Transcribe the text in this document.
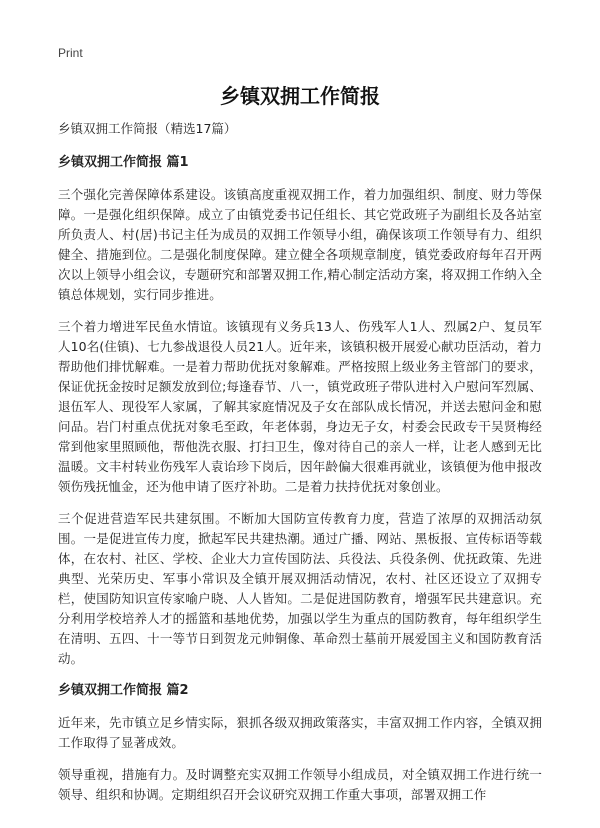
Print
乡镇双拥工作简报

乡镇双拥工作简报（精选17篇）

乡镇双拥工作简报 篇1

三个强化完善保障体系建设。该镇高度重视双拥工作，着力加强组织、制度、财力等保障。一是强化组织保障。成立了由镇党委书记任组长、其它党政班子为副组长及各站室所负责人、村(居)书记主任为成员的双拥工作领导小组，确保该项工作领导有力、组织健全、措施到位。二是强化制度保障。建立健全各项规章制度，镇党委政府每年召开两次以上领导小组会议，专题研究和部署双拥工作,精心制定活动方案，将双拥工作纳入全镇总体规划，实行同步推进。

三个着力增进军民鱼水情谊。该镇现有义务兵13人、伤残军人1人、烈属2户、复员军人10名(住镇)、七九参战退役人员21人。近年来，该镇积极开展爱心献功臣活动，着力帮助他们排忧解难。一是着力帮助优抚对象解难。严格按照上级业务主管部门的要求，保证优抚金按时足额发放到位;每逢春节、八一，镇党政班子带队进村入户慰问军烈属、退伍军人、现役军人家属，了解其家庭情况及子女在部队成长情况，并送去慰问金和慰问品。岩门村重点优抚对象毛至政，年老体弱，身边无子女，村委会民政专干吴贤梅经常到他家里照顾他，帮他洗衣服、打扫卫生，像对待自己的亲人一样，让老人感到无比温暖。文丰村转业伤残军人袁诒珍下岗后，因年龄偏大很难再就业，该镇便为他申报改领伤残抚恤金，还为他申请了医疗补助。二是着力扶持优抚对象创业。

三个促进营造军民共建氛围。不断加大国防宣传教育力度，营造了浓厚的双拥活动氛围。一是促进宣传力度，掀起军民共建热潮。通过广播、网站、黑板报、宣传标语等载体，在农村、社区、学校、企业大力宣传国防法、兵役法、兵役条例、优抚政策、先进典型、光荣历史、军事小常识及全镇开展双拥活动情况，农村、社区还设立了双拥专栏，使国防知识宣传家喻户晓、人人皆知。二是促进国防教育，增强军民共建意识。充分利用学校培养人才的摇篮和基地优势，加强以学生为重点的国防教育，每年组织学生在清明、五四、十一等节日到贺龙元帅铜像、革命烈士墓前开展爱国主义和国防教育活动。

乡镇双拥工作简报 篇2

近年来，先市镇立足乡情实际，狠抓各级双拥政策落实，丰富双拥工作内容，全镇双拥工作取得了显著成效。

领导重视，措施有力。及时调整充实双拥工作领导小组成员，对全镇双拥工作进行统一领导、组织和协调。定期组织召开会议研究双拥工作重大事项，部署双拥工作
